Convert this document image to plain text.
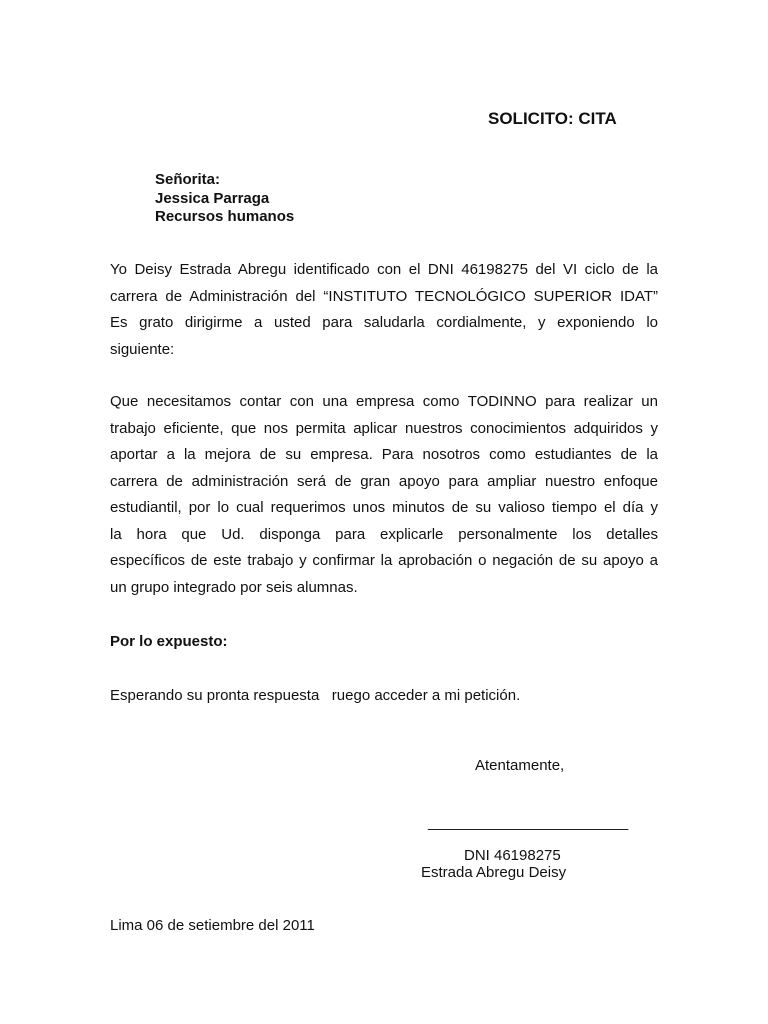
SOLICITO: CITA
Señorita:
Jessica Parraga
Recursos humanos
Yo Deisy Estrada Abregu identificado con el DNI 46198275 del VI ciclo de la
carrera de Administración del “INSTITUTO TECNOLÓGICO SUPERIOR IDAT”
Es grato dirigirme a usted para saludarla cordialmente, y exponiendo lo
siguiente:
Que necesitamos contar con una empresa como TODINNO para realizar un
trabajo eficiente, que nos permita aplicar nuestros conocimientos adquiridos y
aportar a la mejora de su empresa. Para nosotros como estudiantes de la
carrera de administración será de gran apoyo para ampliar nuestro enfoque
estudiantil, por lo cual requerimos unos minutos de su valioso tiempo el día y
la hora que Ud. disponga para explicarle personalmente los detalles
específicos de este trabajo y confirmar la aprobación o negación de su apoyo a
un grupo integrado por seis alumnas.
Por lo expuesto:
Esperando su pronta respuesta   ruego acceder a mi petición.
Atentamente,
________________________
DNI 46198275
Estrada Abregu Deisy
Lima 06 de setiembre del 2011
